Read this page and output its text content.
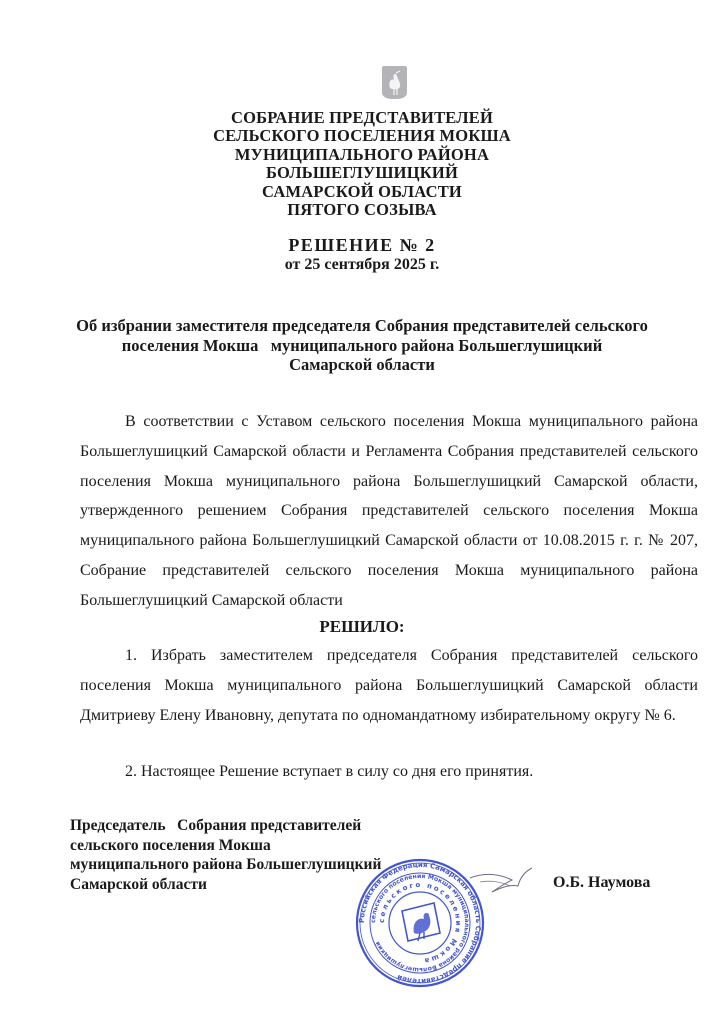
СОБРАНИЕ ПРЕДСТАВИТЕЛЕЙ
СЕЛЬСКОГО ПОСЕЛЕНИЯ МОКША
МУНИЦИПАЛЬНОГО РАЙОНА
БОЛЬШЕГЛУШИЦКИЙ
САМАРСКОЙ ОБЛАСТИ
ПЯТОГО СОЗЫВА
РЕШЕНИЕ № 2
от 25 сентября 2025 г.
Об избрании заместителя председателя Собрания представителей сельского
поселения Мокша   муниципального района Большеглушицкий
Самарской области
В соответствии с Уставом сельского поселения Мокша муниципального района Большеглушицкий Самарской области и Регламента Собрания представителей сельского поселения Мокша муниципального района Большеглушицкий Самарской области, утвержденного решением Собрания представителей сельского поселения Мокша муниципального района Большеглушицкий Самарской области от 10.08.2015 г. г. № 207, Собрание представителей сельского поселения Мокша муниципального района Большеглушицкий Самарской области
РЕШИЛО:
1. Избрать заместителем председателя Собрания представителей сельского поселения Мокша муниципального района Большеглушицкий Самарской области Дмитриеву Елену Ивановну, депутата по одномандатному избирательному округу № 6.
2. Настоящее Решение вступает в силу со дня его принятия.
Председатель   Собрания представителей
сельского поселения Мокша
муниципального района Большеглушицкий
Самарской области
Российская Федерация Самарская область Собрание представителей
сельского поселения Мокша муниципального района Большеглушицкий
сельского поселения Мокша
О.Б. Наумова
